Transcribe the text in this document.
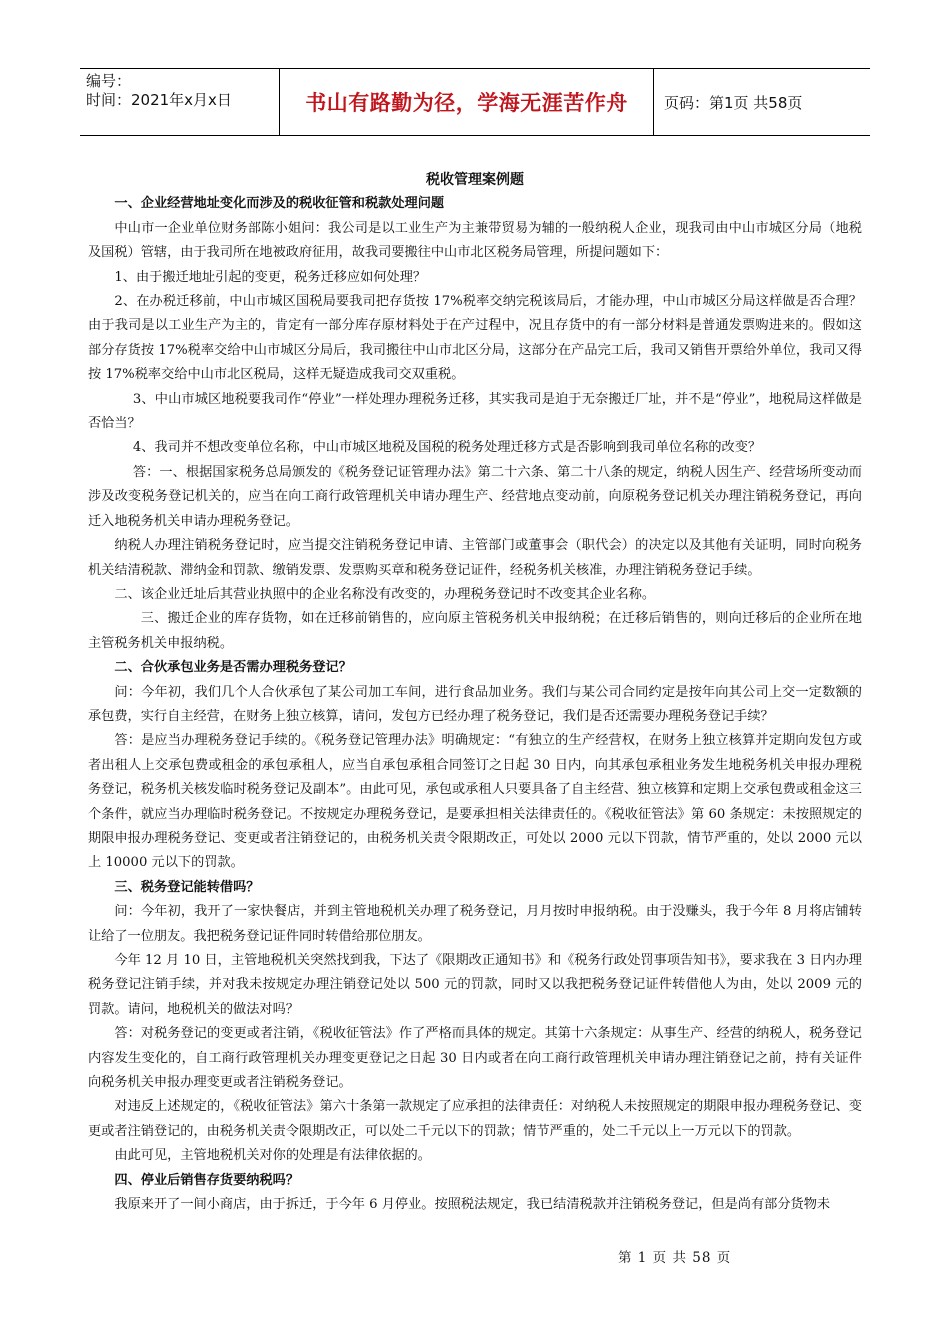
编号：
时间：2021年x月x日	书山有路勤为径，学海无涯苦作舟 页码：第1页 共58页

税收管理案例题

一、企业经营地址变化而涉及的税收征管和税款处理问题

中山市一企业单位财务部陈小姐问：我公司是以工业生产为主兼带贸易为辅的一般纳税人企业，现我司由中山市城区分局（地税及国税）管辖，由于我司所在地被政府征用，故我司要搬往中山市北区税务局管理，所提问题如下：

1、由于搬迁地址引起的变更，税务迁移应如何处理？

2、在办税迁移前，中山市城区国税局要我司把存货按 17%税率交纳完税该局后，才能办理，中山市城区分局这样做是否合理？由于我司是以工业生产为主的，肯定有一部分库存原材料处于在产过程中，况且存货中的有一部分材料是普通发票购进来的。假如这部分存货按 17%税率交给中山市城区分局后，我司搬往中山市北区分局，这部分在产品完工后，我司又销售开票给外单位，我司又得按 17%税率交给中山市北区税局，这样无疑造成我司交双重税。

3、中山市城区地税要我司作“停业”一样处理办理税务迁移，其实我司是迫于无奈搬迁厂址，并不是“停业”，地税局这样做是否恰当？

4、我司并不想改变单位名称，中山市城区地税及国税的税务处理迁移方式是否影响到我司单位名称的改变？

答：一、根据国家税务总局颁发的《税务登记证管理办法》第二十六条、第二十八条的规定，纳税人因生产、经营场所变动而涉及改变税务登记机关的，应当在向工商行政管理机关申请办理生产、经营地点变动前，向原税务登记机关办理注销税务登记，再向迁入地税务机关申请办理税务登记。

纳税人办理注销税务登记时，应当提交注销税务登记申请、主管部门或董事会（职代会）的决定以及其他有关证明，同时向税务机关结清税款、滞纳金和罚款、缴销发票、发票购买章和税务登记证件，经税务机关核准，办理注销税务登记手续。

二、该企业迁址后其营业执照中的企业名称没有改变的，办理税务登记时不改变其企业名称。

三、搬迁企业的库存货物，如在迁移前销售的，应向原主管税务机关申报纳税；在迁移后销售的，则向迁移后的企业所在地主管税务机关申报纳税。

二、合伙承包业务是否需办理税务登记？

问：今年初，我们几个人合伙承包了某公司加工车间，进行食品加业务。我们与某公司合同约定是按年向其公司上交一定数额的承包费，实行自主经营，在财务上独立核算，请问，发包方已经办理了税务登记，我们是否还需要办理税务登记手续？

答：是应当办理税务登记手续的。《税务登记管理办法》明确规定：“有独立的生产经营权，在财务上独立核算并定期向发包方或者出租人上交承包费或租金的承包承租人，应当自承包承租合同签订之日起 30 日内，向其承包承租业务发生地税务机关申报办理税务登记，税务机关核发临时税务登记及副本”。由此可见，承包或承租人只要具备了自主经营、独立核算和定期上交承包费或租金这三个条件，就应当办理临时税务登记。不按规定办理税务登记，是要承担相关法律责任的。《税收征管法》第 60 条规定：未按照规定的期限申报办理税务登记、变更或者注销登记的，由税务机关责令限期改正，可处以 2000 元以下罚款，情节严重的，处以 2000 元以上 10000 元以下的罚款。

三、税务登记能转借吗？

问：今年初，我开了一家快餐店，并到主管地税机关办理了税务登记，月月按时申报纳税。由于没赚头，我于今年 8 月将店铺转让给了一位朋友。我把税务登记证件同时转借给那位朋友。

今年 12 月 10 日，主管地税机关突然找到我，下达了《限期改正通知书》和《税务行政处罚事项告知书》，要求我在 3 日内办理税务登记注销手续，并对我未按规定办理注销登记处以 500 元的罚款，同时又以我把税务登记证件转借他人为由，处以 2009 元的罚款。请问，地税机关的做法对吗？

答：对税务登记的变更或者注销，《税收征管法》作了严格而具体的规定。其第十六条规定：从事生产、经营的纳税人，税务登记内容发生变化的，自工商行政管理机关办理变更登记之日起 30 日内或者在向工商行政管理机关申请办理注销登记之前，持有关证件向税务机关申报办理变更或者注销税务登记。

对违反上述规定的，《税收征管法》第六十条第一款规定了应承担的法律责任：对纳税人未按照规定的期限申报办理税务登记、变更或者注销登记的，由税务机关责令限期改正，可以处二千元以下的罚款；情节严重的，处二千元以上一万元以下的罚款。

由此可见，主管地税机关对你的处理是有法律依据的。

四、停业后销售存货要纳税吗？

我原来开了一间小商店，由于拆迁，于今年 6 月停业。按照税法规定，我已结清税款并注销税务登记，但是尚有部分货物未

第 1 页 共 58 页
